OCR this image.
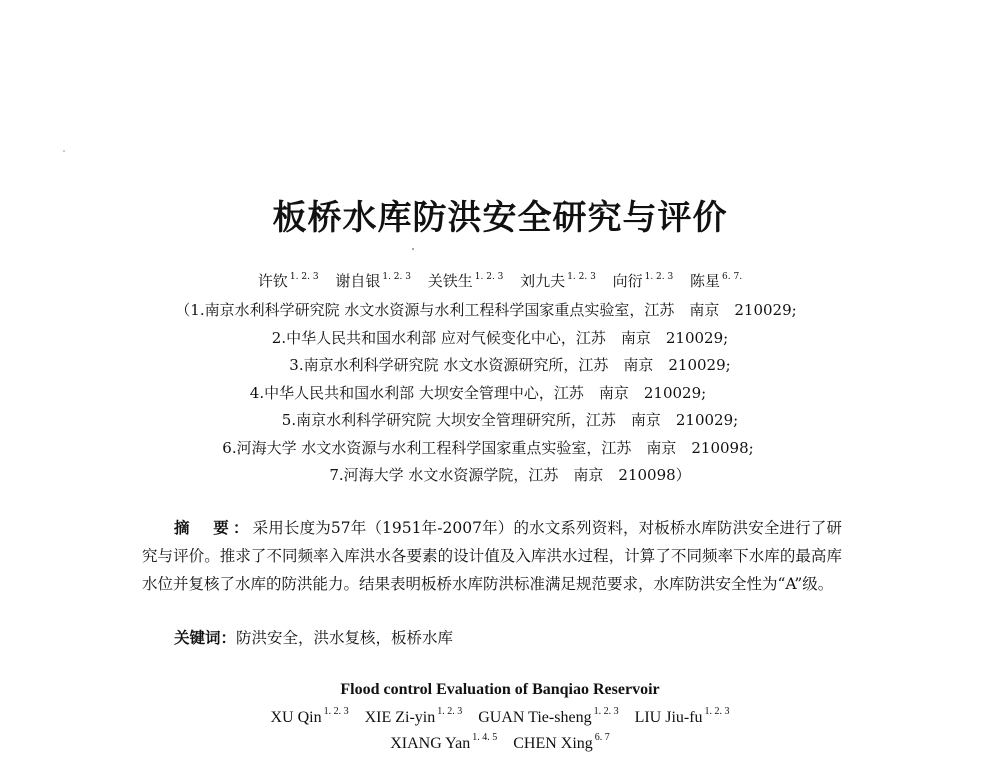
板桥水库防洪安全研究与评价
许钦 $^{1. 2. 3}$ 谢自银 $^{1. 2. 3}$ 关铁生 $^{1. 2. 3}$ 刘九夫 $^{1. 2. 3}$ 向衍 $^{1. 2. 3}$ 陈星 $^{6. 7.}$
（1.南京水利科学研究院 水文水资源与水利工程科学国家重点实验室，江苏　南京　210029;
2.中华人民共和国水利部 应对气候变化中心，江苏　南京　210029;
3.南京水利科学研究院 水文水资源研究所，江苏　南京　210029;
4.中华人民共和国水利部 大坝安全管理中心，江苏　南京　210029;
5.南京水利科学研究院 大坝安全管理研究所，江苏　南京　210029;
6.河海大学 水文水资源与水利工程科学国家重点实验室，江苏　南京　210098;
7.河海大学 水文水资源学院，江苏　南京　210098）

摘　要：采用长度为57年（1951年-2007年）的水文系列资料，对板桥水库防洪安全进行了研究与评价。推求了不同频率入库洪水各要素的设计值及入库洪水过程，计算了不同频率下水库的最高库水位并复核了水库的防洪能力。结果表明板桥水库防洪标准满足规范要求，水库防洪安全性为“A”级。

关键词：防洪安全，洪水复核，板桥水库
Flood control Evaluation of Banqiao Reservoir
XU Qin $^{1. 2. 3}$ XIE Zi-yin $^{1. 2. 3}$ GUAN Tie-sheng $^{1. 2. 3}$ LIU Jiu-fu $^{1. 2. 3}$
XIANG Yan $^{1. 4. 5}$ CHEN Xing $^{6. 7}$
